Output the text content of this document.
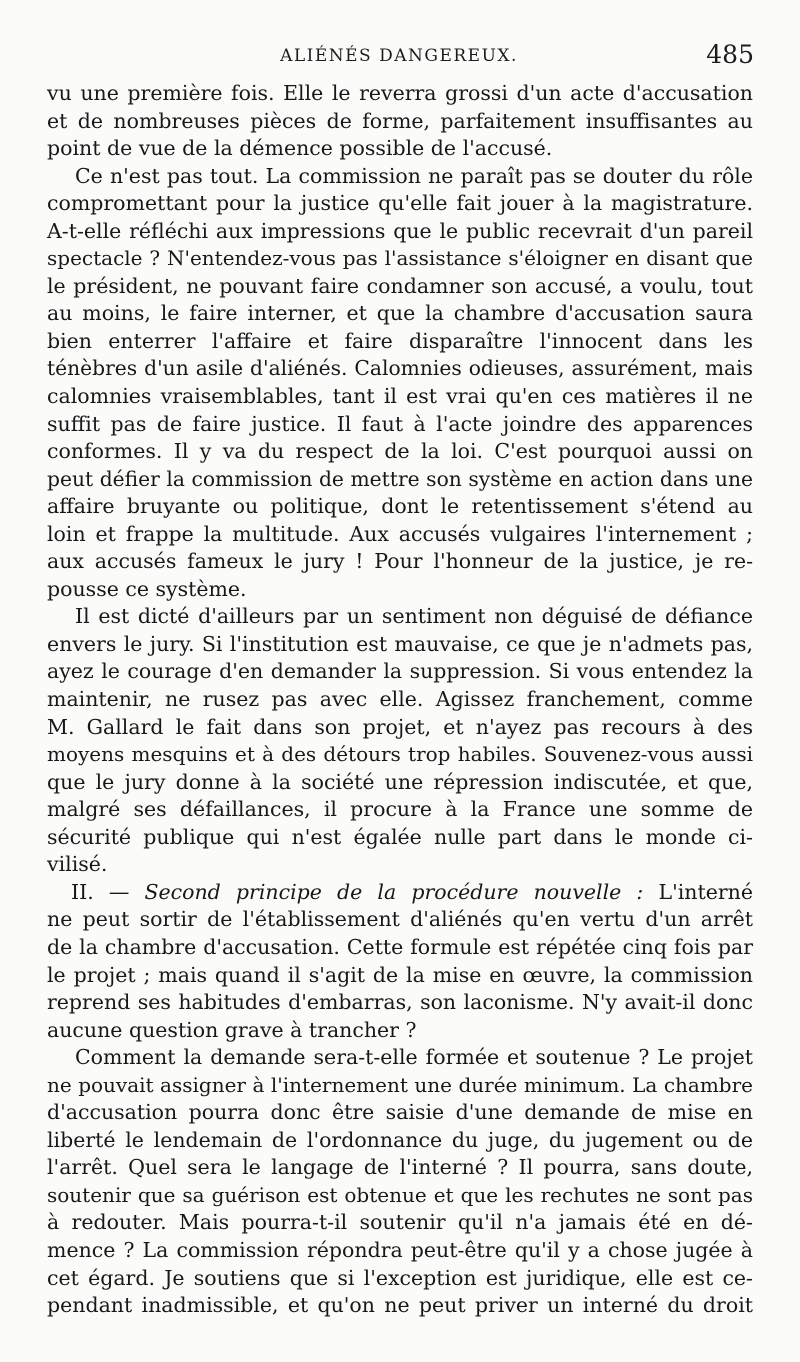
ALIÉNÉS DANGEREUX.	485
vu une première fois. Elle le reverra grossi d'un acte d'accusation
et de nombreuses pièces de forme, parfaitement insuffisantes au
point de vue de la démence possible de l'accusé.
Ce n'est pas tout. La commission ne paraît pas se douter du rôle
compromettant pour la justice qu'elle fait jouer à la magistrature.
A-t-elle réfléchi aux impressions que le public recevrait d'un pareil
spectacle ? N'entendez-vous pas l'assistance s'éloigner en disant que
le président, ne pouvant faire condamner son accusé, a voulu, tout
au moins, le faire interner, et que la chambre d'accusation saura
bien enterrer l'affaire et faire disparaître l'innocent dans les
ténèbres d'un asile d'aliénés. Calomnies odieuses, assurément, mais
calomnies vraisemblables, tant il est vrai qu'en ces matières il ne
suffit pas de faire justice. Il faut à l'acte joindre des apparences
conformes. Il y va du respect de la loi. C'est pourquoi aussi on
peut défier la commission de mettre son système en action dans une
affaire bruyante ou politique, dont le retentissement s'étend au
loin et frappe la multitude. Aux accusés vulgaires l'internement ;
aux accusés fameux le jury ! Pour l'honneur de la justice, je re-
pousse ce système.
Il est dicté d'ailleurs par un sentiment non déguisé de défiance
envers le jury. Si l'institution est mauvaise, ce que je n'admets pas,
ayez le courage d'en demander la suppression. Si vous entendez la
maintenir, ne rusez pas avec elle. Agissez franchement, comme
M. Gallard le fait dans son projet, et n'ayez pas recours à des
moyens mesquins et à des détours trop habiles. Souvenez-vous aussi
que le jury donne à la société une répression indiscutée, et que,
malgré ses défaillances, il procure à la France une somme de
sécurité publique qui n'est égalée nulle part dans le monde ci-
vilisé.
II. — Second principe de la procédure nouvelle : L'interné
ne peut sortir de l'établissement d'aliénés qu'en vertu d'un arrêt
de la chambre d'accusation. Cette formule est répétée cinq fois par
le projet ; mais quand il s'agit de la mise en œuvre, la commission
reprend ses habitudes d'embarras, son laconisme. N'y avait-il donc
aucune question grave à trancher ?
Comment la demande sera-t-elle formée et soutenue ? Le projet
ne pouvait assigner à l'internement une durée minimum. La chambre
d'accusation pourra donc être saisie d'une demande de mise en
liberté le lendemain de l'ordonnance du juge, du jugement ou de
l'arrêt. Quel sera le langage de l'interné ? Il pourra, sans doute,
soutenir que sa guérison est obtenue et que les rechutes ne sont pas
à redouter. Mais pourra-t-il soutenir qu'il n'a jamais été en dé-
mence ? La commission répondra peut-être qu'il y a chose jugée à
cet égard. Je soutiens que si l'exception est juridique, elle est ce-
pendant inadmissible, et qu'on ne peut priver un interné du droit
